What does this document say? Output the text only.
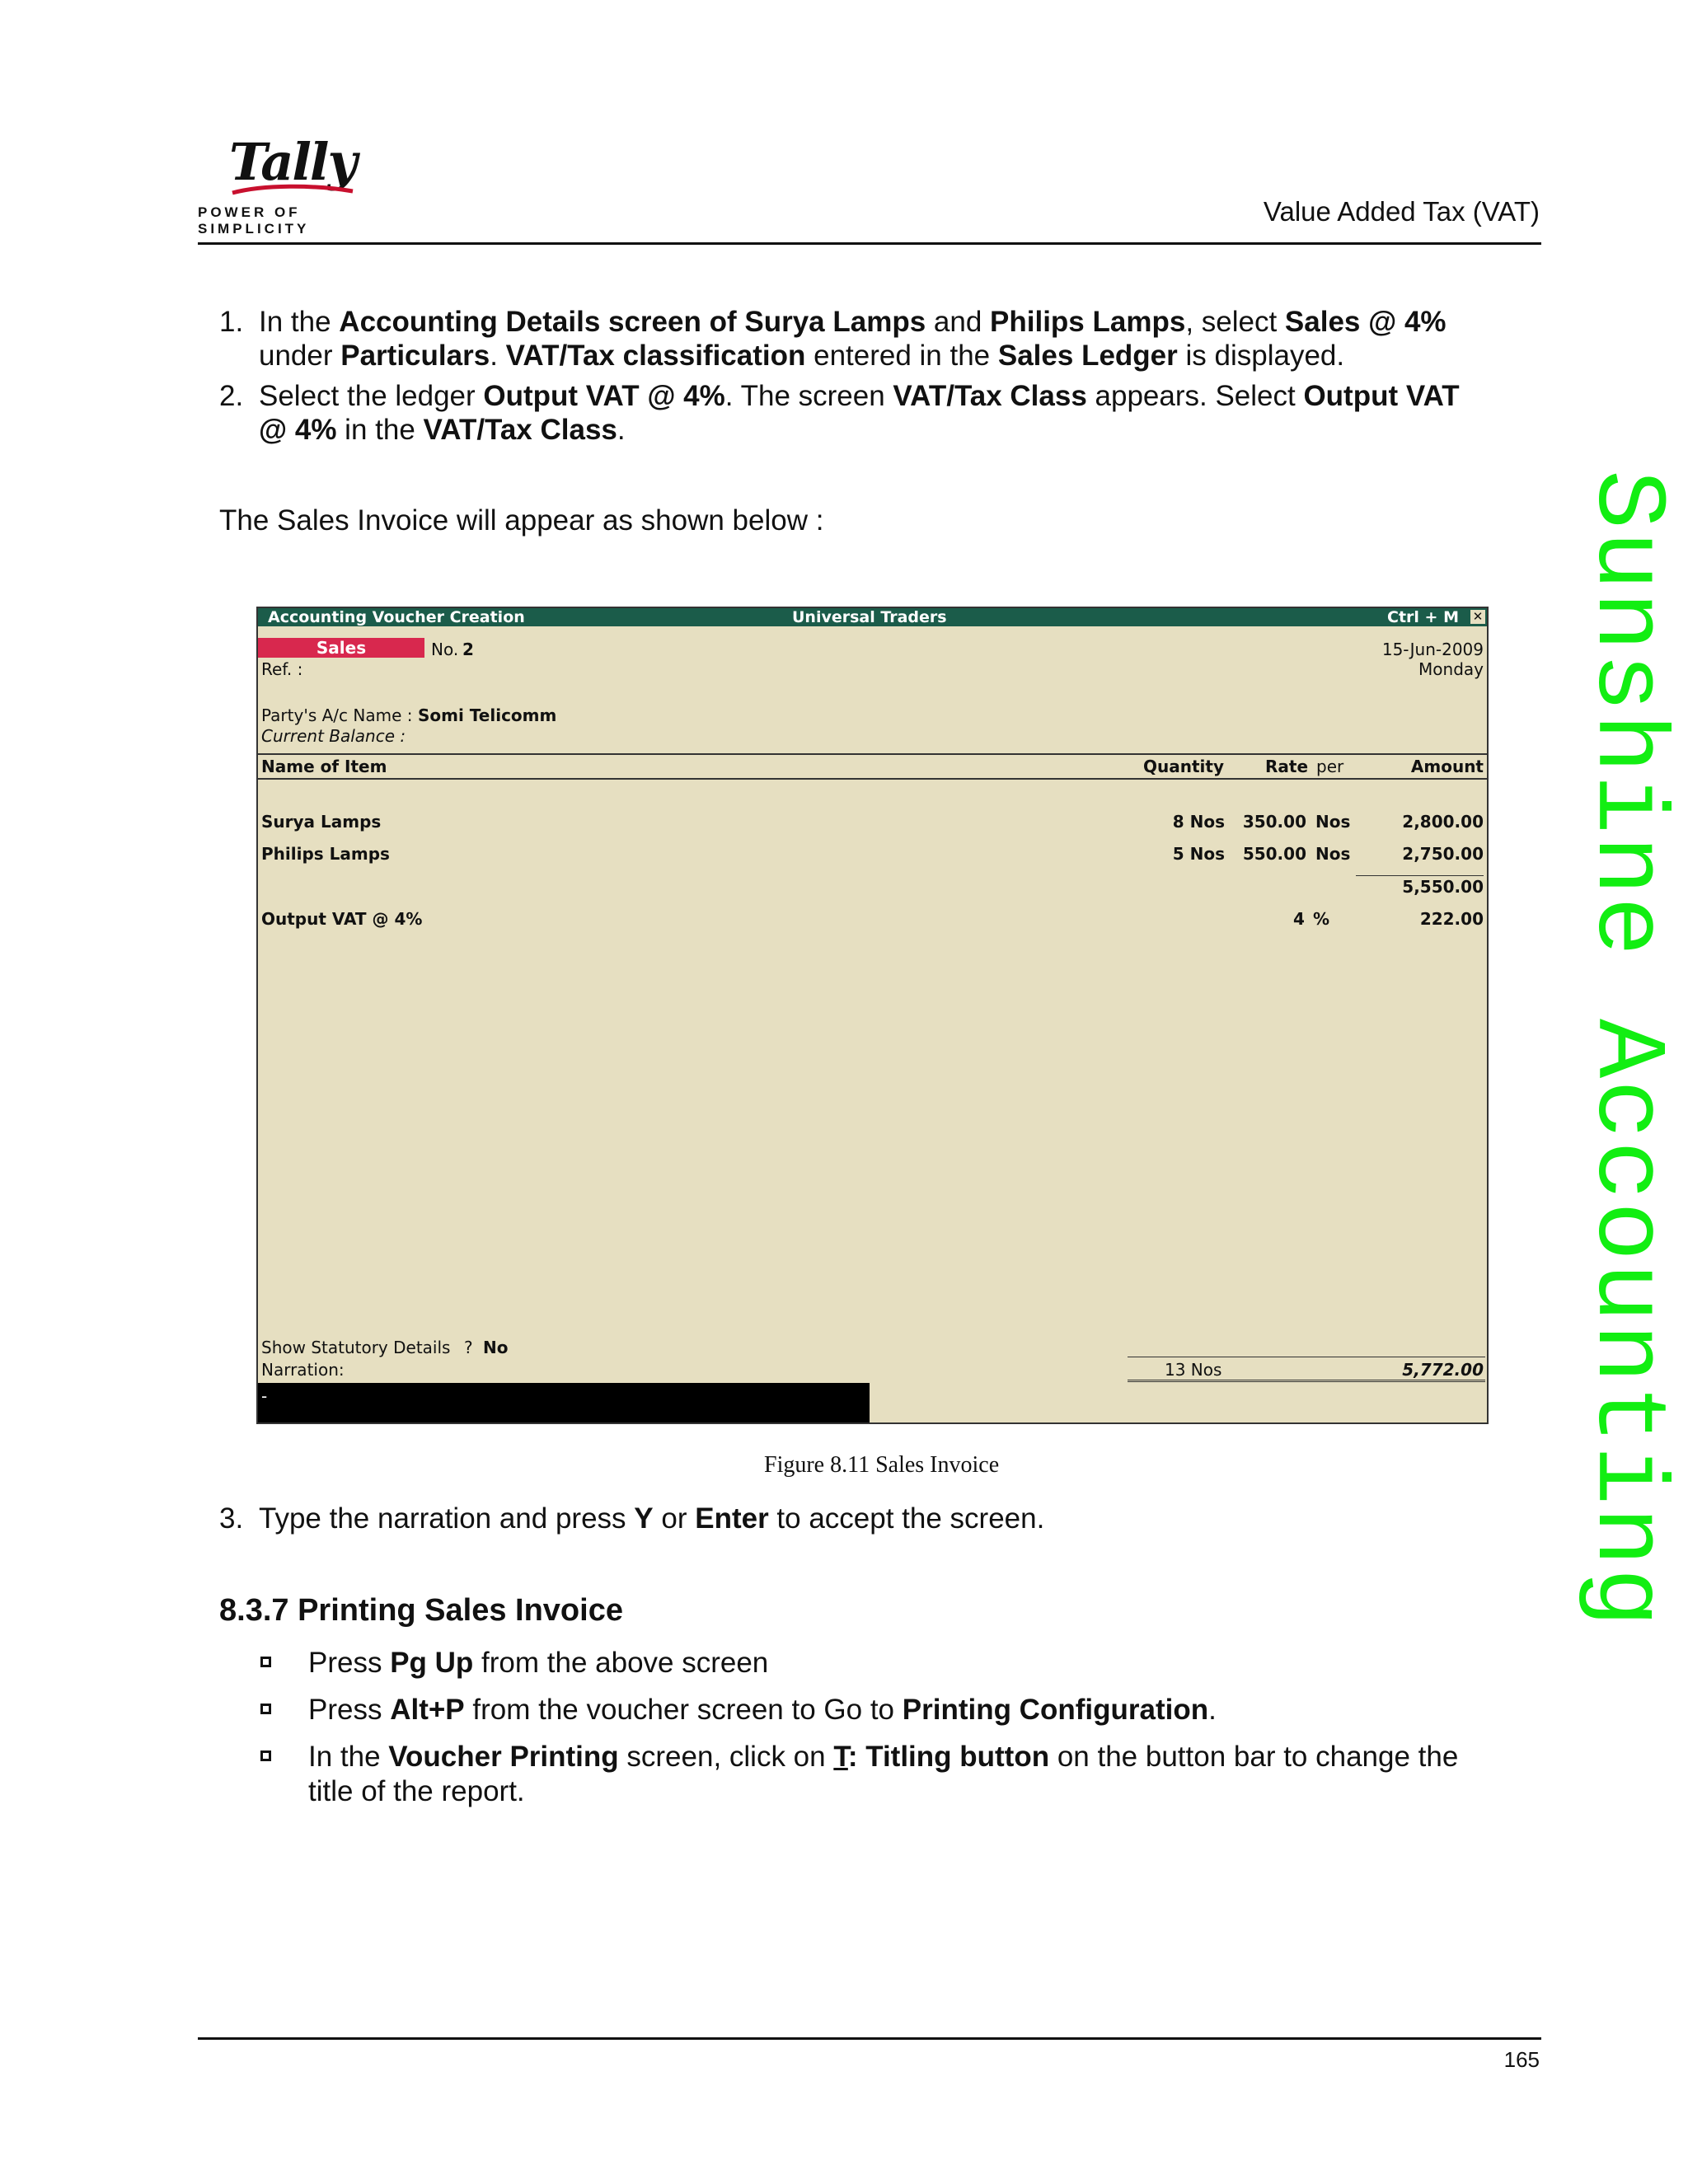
Tally
POWER OF SIMPLICITY
Value Added Tax (VAT)
Sunshine Accounting
1. In the Accounting Details screen of Surya Lamps and Philips Lamps, select Sales @ 4%
under Particulars. VAT/Tax classification entered in the Sales Ledger is displayed.
2. Select the ledger Output VAT @ 4%. The screen VAT/Tax Class appears. Select Output VAT
@ 4% in the VAT/Tax Class.
The Sales Invoice will appear as shown below :
Accounting Voucher Creation	Universal Traders	Ctrl + M ✕
Sales	No. 2	15-Jun-2009
Monday
Ref. :
Party's A/c Name : Somi Telicomm
Current Balance :
Name of Item	Quantity	Rate per	Amount
Surya Lamps	8 Nos 350.00 Nos	2,800.00
Philips Lamps	5 Nos 550.00 Nos	2,750.00
5,550.00
Output VAT @ 4%	4 %	222.00
Show Statutory Details ? No
Narration:	13 Nos	5,772.00
-
Figure 8.11 Sales Invoice
3. Type the narration and press Y or Enter to accept the screen.
8.3.7 Printing Sales Invoice
Press Pg Up from the above screen
Press Alt+P from the voucher screen to Go to Printing Configuration.
In the Voucher Printing screen, click on T: Titling button on the button bar to change the
title of the report.
165
